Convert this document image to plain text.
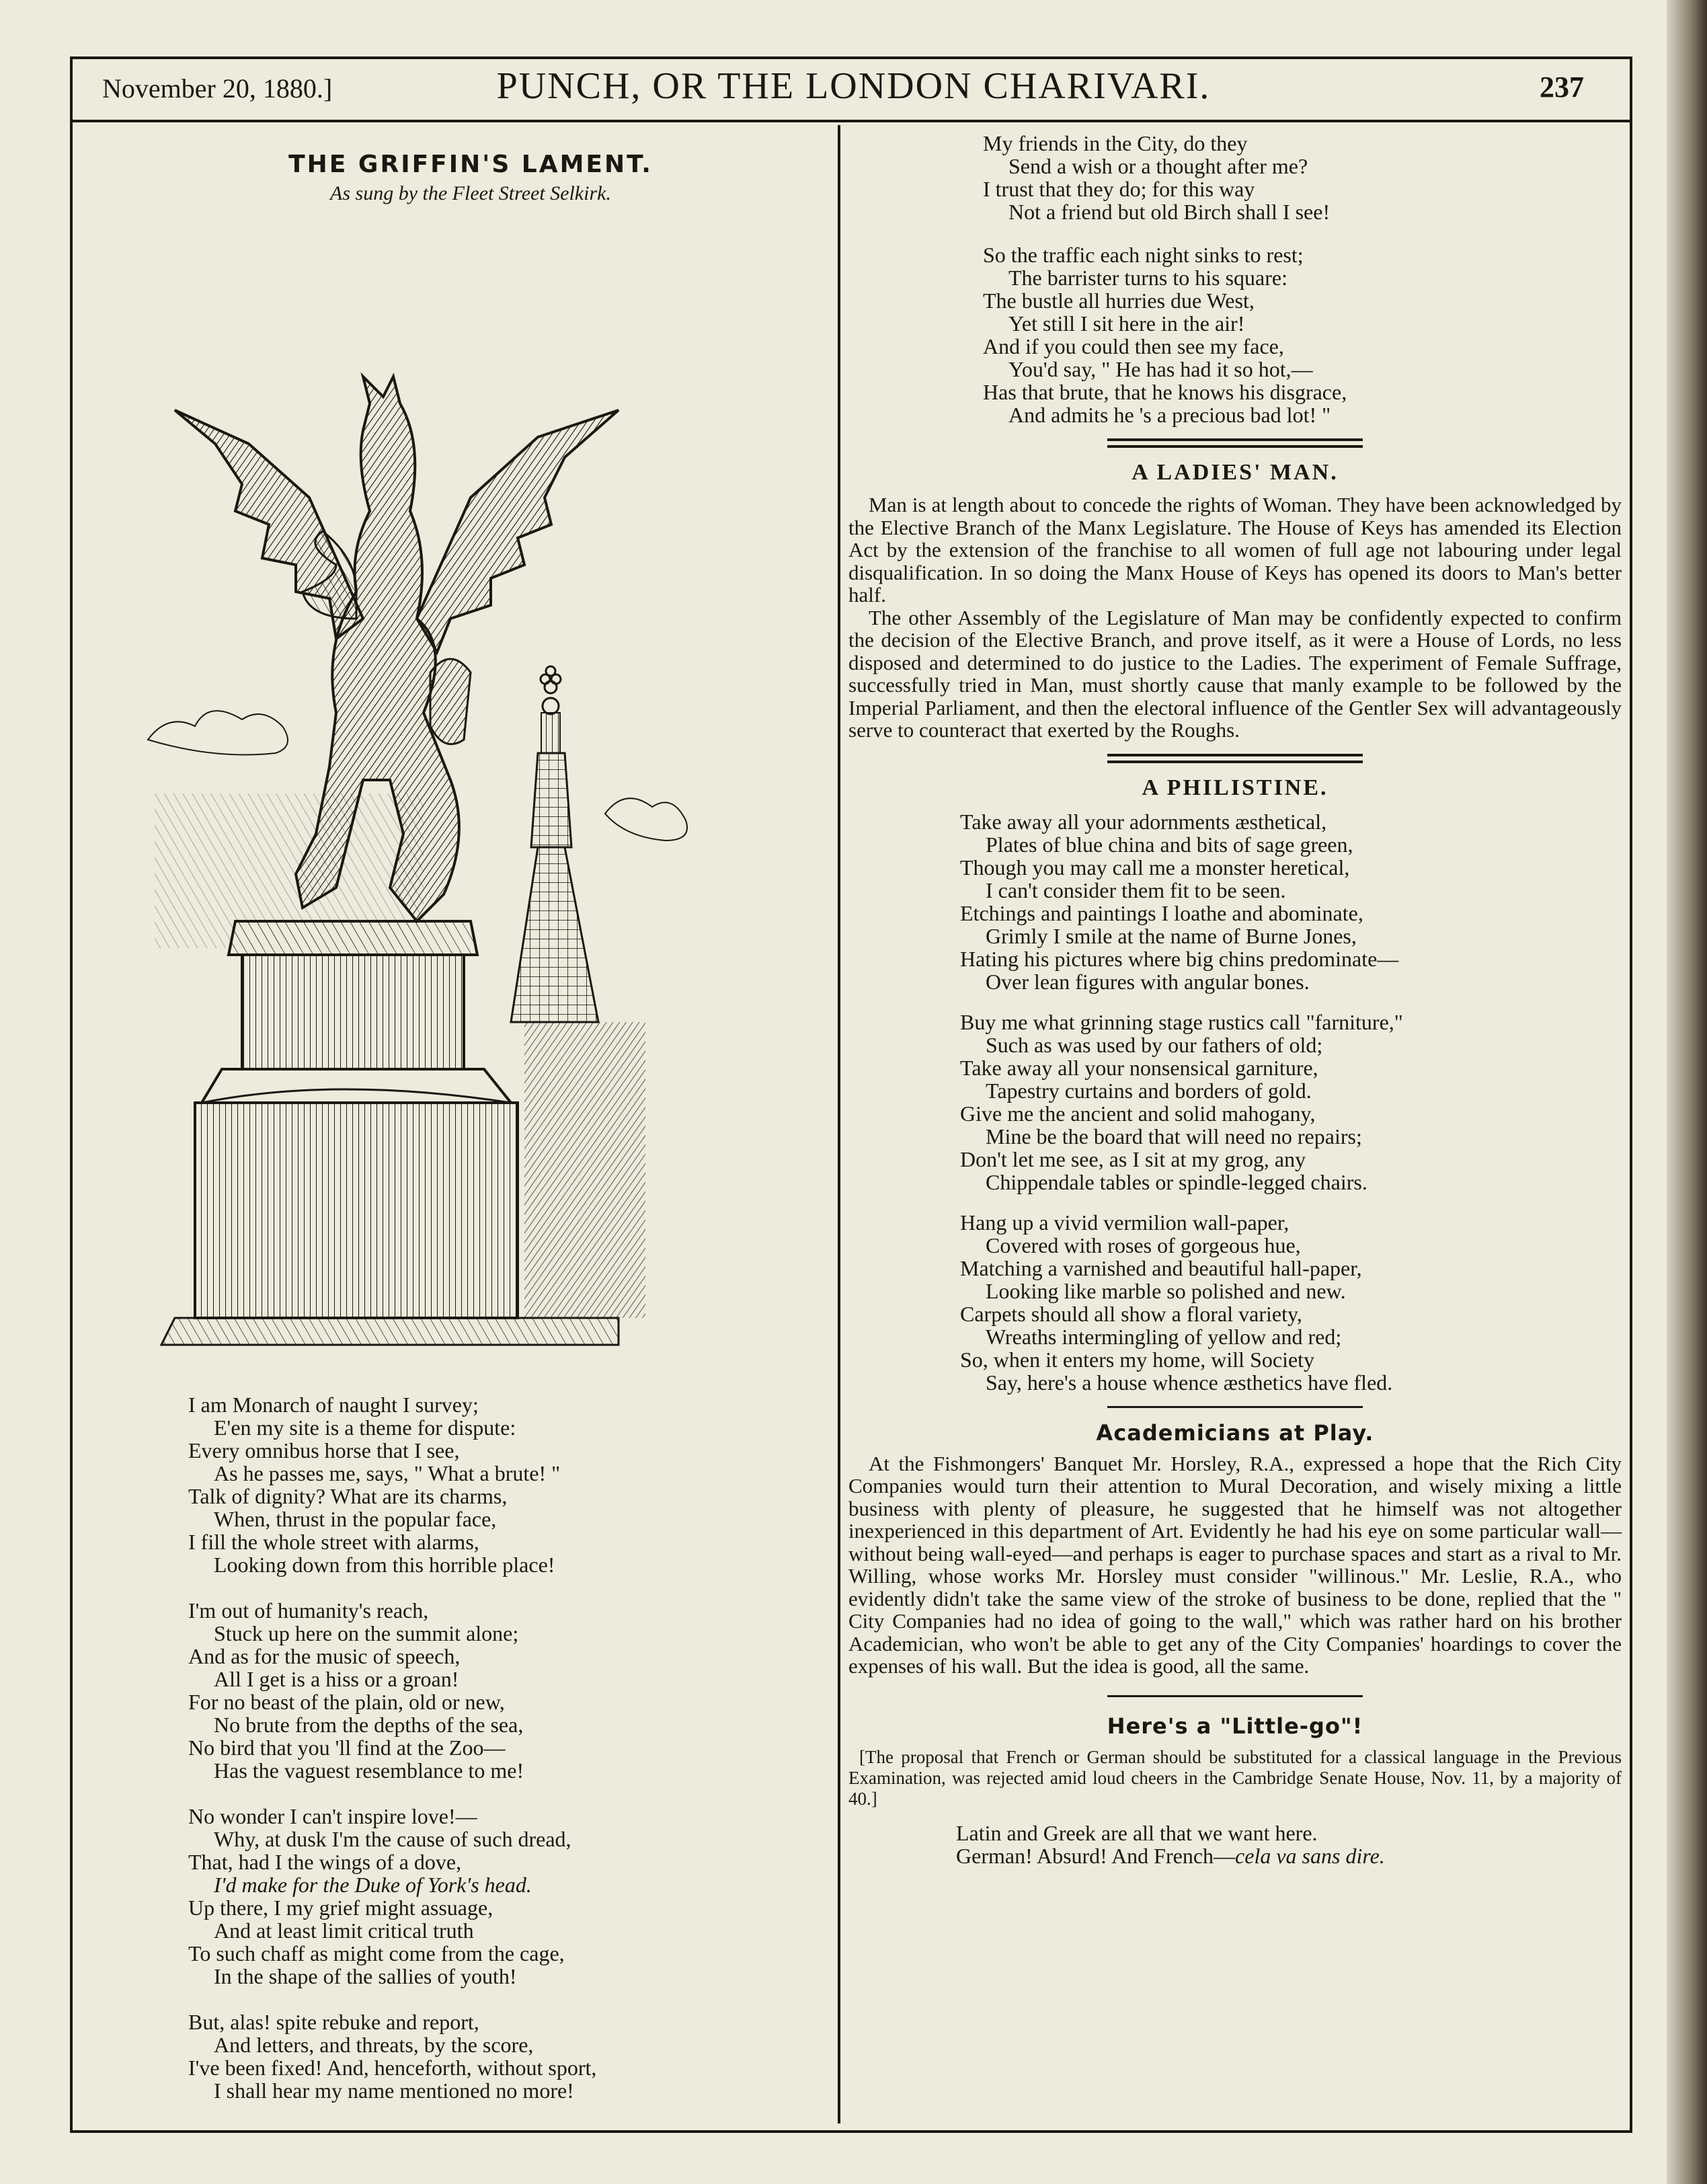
November 20, 1880.]	PUNCH, OR THE LONDON CHARIVARI.	237
THE GRIFFIN'S LAMENT.
As sung by the Fleet Street Selkirk.
I am Monarch of naught I survey;
E'en my site is a theme for dispute:
Every omnibus horse that I see,
As he passes me, says, " What a brute! "
Talk of dignity? What are its charms,
When, thrust in the popular face,
I fill the whole street with alarms,
Looking down from this horrible place!
I'm out of humanity's reach,
Stuck up here on the summit alone;
And as for the music of speech,
All I get is a hiss or a groan!
For no beast of the plain, old or new,
No brute from the depths of the sea,
No bird that you 'll find at the Zoo—
Has the vaguest resemblance to me!
No wonder I can't inspire love!—
Why, at dusk I'm the cause of such dread,
That, had I the wings of a dove,
I'd make for the Duke of York's head.
Up there, I my grief might assuage,
And at least limit critical truth
To such chaff as might come from the cage,
In the shape of the sallies of youth!
But, alas! spite rebuke and report,
And letters, and threats, by the score,
I've been fixed! And, henceforth, without sport,
I shall hear my name mentioned no more!
My friends in the City, do they
Send a wish or a thought after me?
I trust that they do; for this way
Not a friend but old Birch shall I see!
So the traffic each night sinks to rest;
The barrister turns to his square:
The bustle all hurries due West,
Yet still I sit here in the air!
And if you could then see my face,
You'd say, " He has had it so hot,—
Has that brute, that he knows his disgrace,
And admits he 's a precious bad lot! "
A LADIES' MAN.

Man is at length about to concede the rights of Woman. They have been acknowledged by the Elective Branch of the Manx Legislature. The House of Keys has amended its Election Act by the extension of the franchise to all women of full age not labouring under legal disqualification. In so doing the Manx House of Keys has opened its doors to Man's better half.

The other Assembly of the Legislature of Man may be confidently expected to confirm the decision of the Elective Branch, and prove itself, as it were a House of Lords, no less disposed and determined to do justice to the Ladies. The experiment of Female Suffrage, successfully tried in Man, must shortly cause that manly example to be followed by the Imperial Parliament, and then the electoral influence of the Gentler Sex will advantageously serve to counteract that exerted by the Roughs.

A PHILISTINE.
Take away all your adornments æsthetical,
Plates of blue china and bits of sage green,
Though you may call me a monster heretical,
I can't consider them fit to be seen.
Etchings and paintings I loathe and abominate,
Grimly I smile at the name of Burne Jones,
Hating his pictures where big chins predominate—
Over lean figures with angular bones.
Buy me what grinning stage rustics call "farniture,"
Such as was used by our fathers of old;
Take away all your nonsensical garniture,
Tapestry curtains and borders of gold.
Give me the ancient and solid mahogany,
Mine be the board that will need no repairs;
Don't let me see, as I sit at my grog, any
Chippendale tables or spindle-legged chairs.
Hang up a vivid vermilion wall-paper,
Covered with roses of gorgeous hue,
Matching a varnished and beautiful hall-paper,
Looking like marble so polished and new.
Carpets should all show a floral variety,
Wreaths intermingling of yellow and red;
So, when it enters my home, will Society
Say, here's a house whence æsthetics have fled.
Academicians at Play.

At the Fishmongers' Banquet Mr. Horsley, R.A., expressed a hope that the Rich City Companies would turn their attention to Mural Decoration, and wisely mixing a little business with plenty of pleasure, he suggested that he himself was not altogether inexperienced in this department of Art. Evidently he had his eye on some particular wall—without being wall-eyed—and perhaps is eager to purchase spaces and start as a rival to Mr. Willing, whose works Mr. Horsley must consider "willinous." Mr. Leslie, R.A., who evidently didn't take the same view of the stroke of business to be done, replied that the " City Companies had no idea of going to the wall," which was rather hard on his brother Academician, who won't be able to get any of the City Companies' hoardings to cover the expenses of his wall. But the idea is good, all the same.

Here's a "Little-go"!

[The proposal that French or German should be substituted for a classical language in the Previous Examination, was rejected amid loud cheers in the Cambridge Senate House, Nov. 11, by a majority of 40.]

Latin and Greek are all that we want here.
German! Absurd! And French—cela va sans dire.
